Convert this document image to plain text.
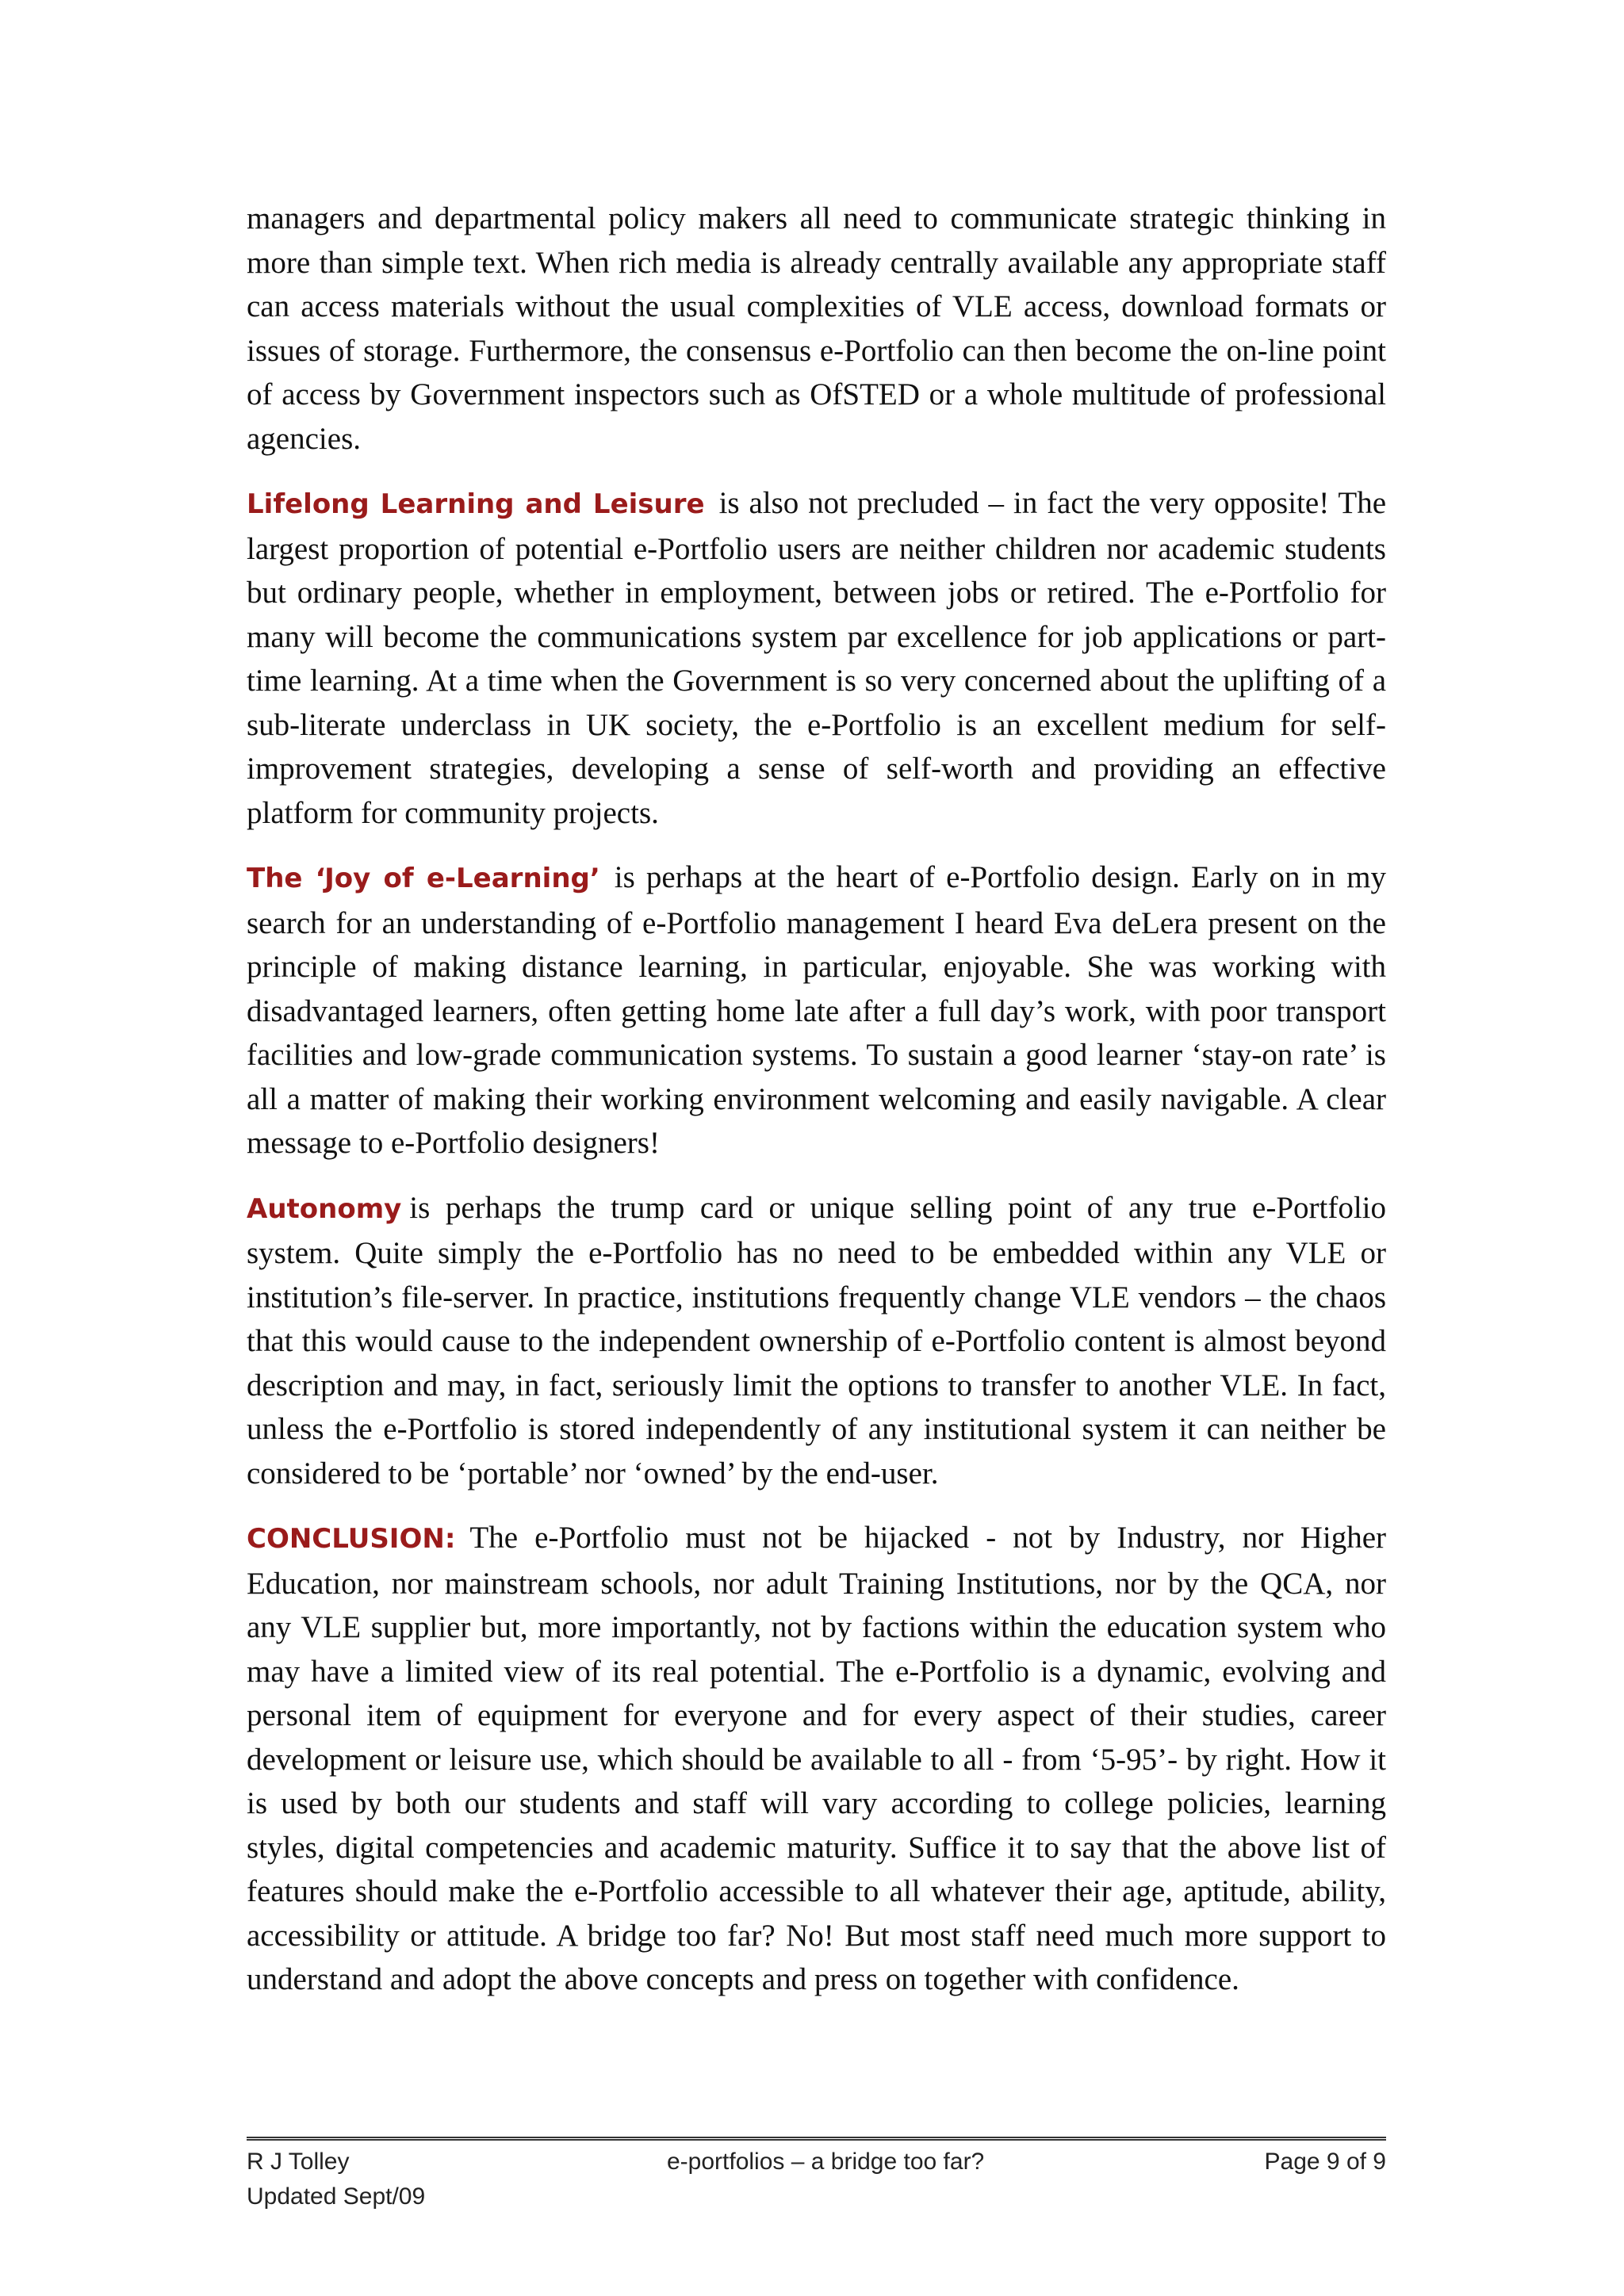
managers and departmental policy makers all need to communicate strategic thinking in more than simple text. When rich media is already centrally available any appropriate staff can access materials without the usual complexities of VLE access, download formats or issues of storage. Furthermore, the consensus e-Portfolio can then become the on-line point of access by Government inspectors such as OfSTED or a whole multitude of professional agencies.

Lifelong Learning and Leisure is also not precluded – in fact the very opposite! The largest proportion of potential e-Portfolio users are neither children nor academic students but ordinary people, whether in employment, between jobs or retired. The e-Portfolio for many will become the communications system par excellence for job applications or part-time learning. At a time when the Government is so very concerned about the uplifting of a sub-literate underclass in UK society, the e-Portfolio is an excellent medium for self-improvement strategies, developing a sense of self-worth and providing an effective platform for community projects.

The ‘Joy of e-Learning’ is perhaps at the heart of e-Portfolio design. Early on in my search for an understanding of e-Portfolio management I heard Eva deLera present on the principle of making distance learning, in particular, enjoyable. She was working with disadvantaged learners, often getting home late after a full day’s work, with poor transport facilities and low-grade communication systems. To sustain a good learner ‘stay-on rate’ is all a matter of making their working environment welcoming and easily navigable. A clear message to e-Portfolio designers!

Autonomy is perhaps the trump card or unique selling point of any true e-Portfolio system. Quite simply the e-Portfolio has no need to be embedded within any VLE or institution’s file-server. In practice, institutions frequently change VLE vendors – the chaos that this would cause to the independent ownership of e-Portfolio content is almost beyond description and may, in fact, seriously limit the options to transfer to another VLE. In fact, unless the e-Portfolio is stored independently of any institutional system it can neither be considered to be ‘portable’ nor ‘owned’ by the end-user.

CONCLUSION: The e-Portfolio must not be hijacked - not by Industry, nor Higher Education, nor mainstream schools, nor adult Training Institutions, nor by the QCA, nor any VLE supplier but, more importantly, not by factions within the education system who may have a limited view of its real potential. The e-Portfolio is a dynamic, evolving and personal item of equipment for everyone and for every aspect of their studies, career development or leisure use, which should be available to all - from ‘5-95’- by right. How it is used by both our students and staff will vary according to college policies, learning styles, digital competencies and academic maturity. Suffice it to say that the above list of features should make the e-Portfolio accessible to all whatever their age, aptitude, ability, accessibility or attitude. A bridge too far? No! But most staff need much more support to understand and adopt the above concepts and press on together with confidence.

R J Tolley	e-portfolios – a bridge too far?	Page 9 of 9
Updated Sept/09
